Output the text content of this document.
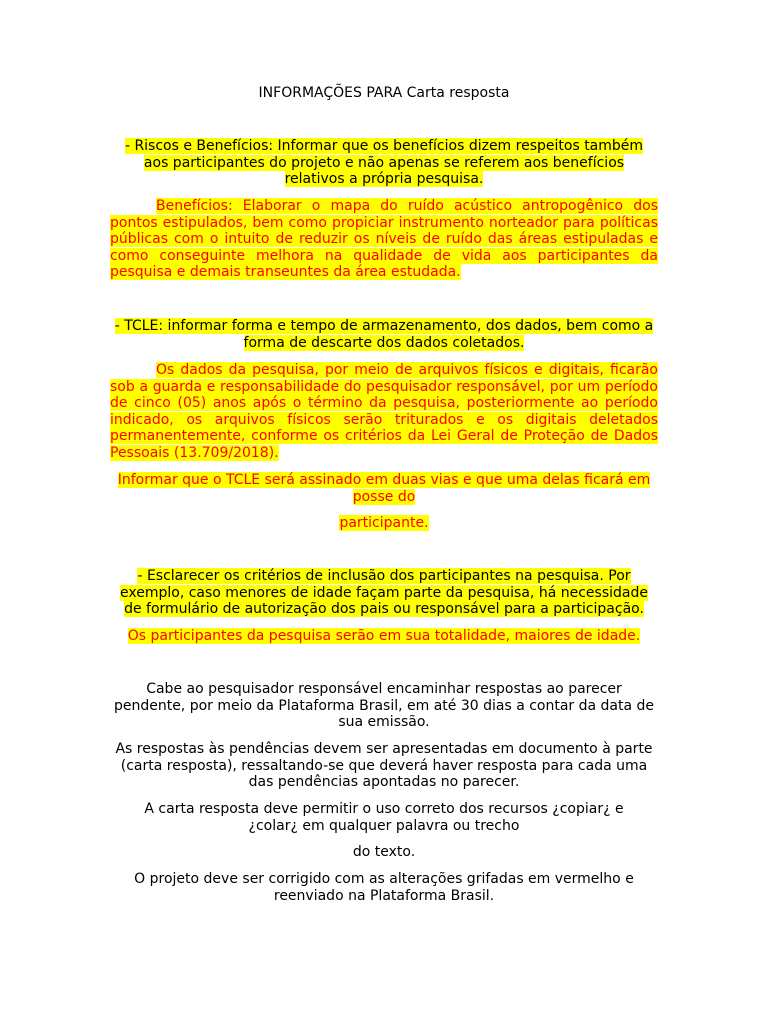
INFORMAÇÕES PARA Carta resposta
- Riscos e Benefícios: Informar que os benefícios dizem respeitos também aos participantes do projeto e não apenas se referem aos benefícios relativos a própria pesquisa.
Benefícios: Elaborar o mapa do ruído acústico antropogênico dos pontos estipulados, bem como propiciar instrumento norteador para políticas públicas com o intuito de reduzir os níveis de ruído das áreas estipuladas e como conseguinte melhora na qualidade de vida aos participantes da pesquisa e demais transeuntes da área estudada.
- TCLE: informar forma e tempo de armazenamento, dos dados, bem como a forma de descarte dos dados coletados.
Os dados da pesquisa, por meio de arquivos físicos e digitais, ficarão sob a guarda e responsabilidade do pesquisador responsável, por um período de cinco (05) anos após o término da pesquisa, posteriormente ao período indicado, os arquivos físicos serão triturados e os digitais deletados permanentemente, conforme os critérios da Lei Geral de Proteção de Dados Pessoais (13.709/2018).
Informar que o TCLE será assinado em duas vias e que uma delas ficará em posse do
participante.
- Esclarecer os critérios de inclusão dos participantes na pesquisa. Por exemplo, caso menores de idade façam parte da pesquisa, há necessidade de formulário de autorização dos pais ou responsável para a participação.
Os participantes da pesquisa serão em sua totalidade, maiores de idade.
Cabe ao pesquisador responsável encaminhar respostas ao parecer pendente, por meio da Plataforma Brasil, em até 30 dias a contar da data de sua emissão.
As respostas às pendências devem ser apresentadas em documento à parte (carta resposta), ressaltando-se que deverá haver resposta para cada uma das pendências apontadas no parecer.
A carta resposta deve permitir o uso correto dos recursos ¿copiar¿ e ¿colar¿ em qualquer palavra ou trecho
do texto.
O projeto deve ser corrigido com as alterações grifadas em vermelho e reenviado na Plataforma Brasil.
